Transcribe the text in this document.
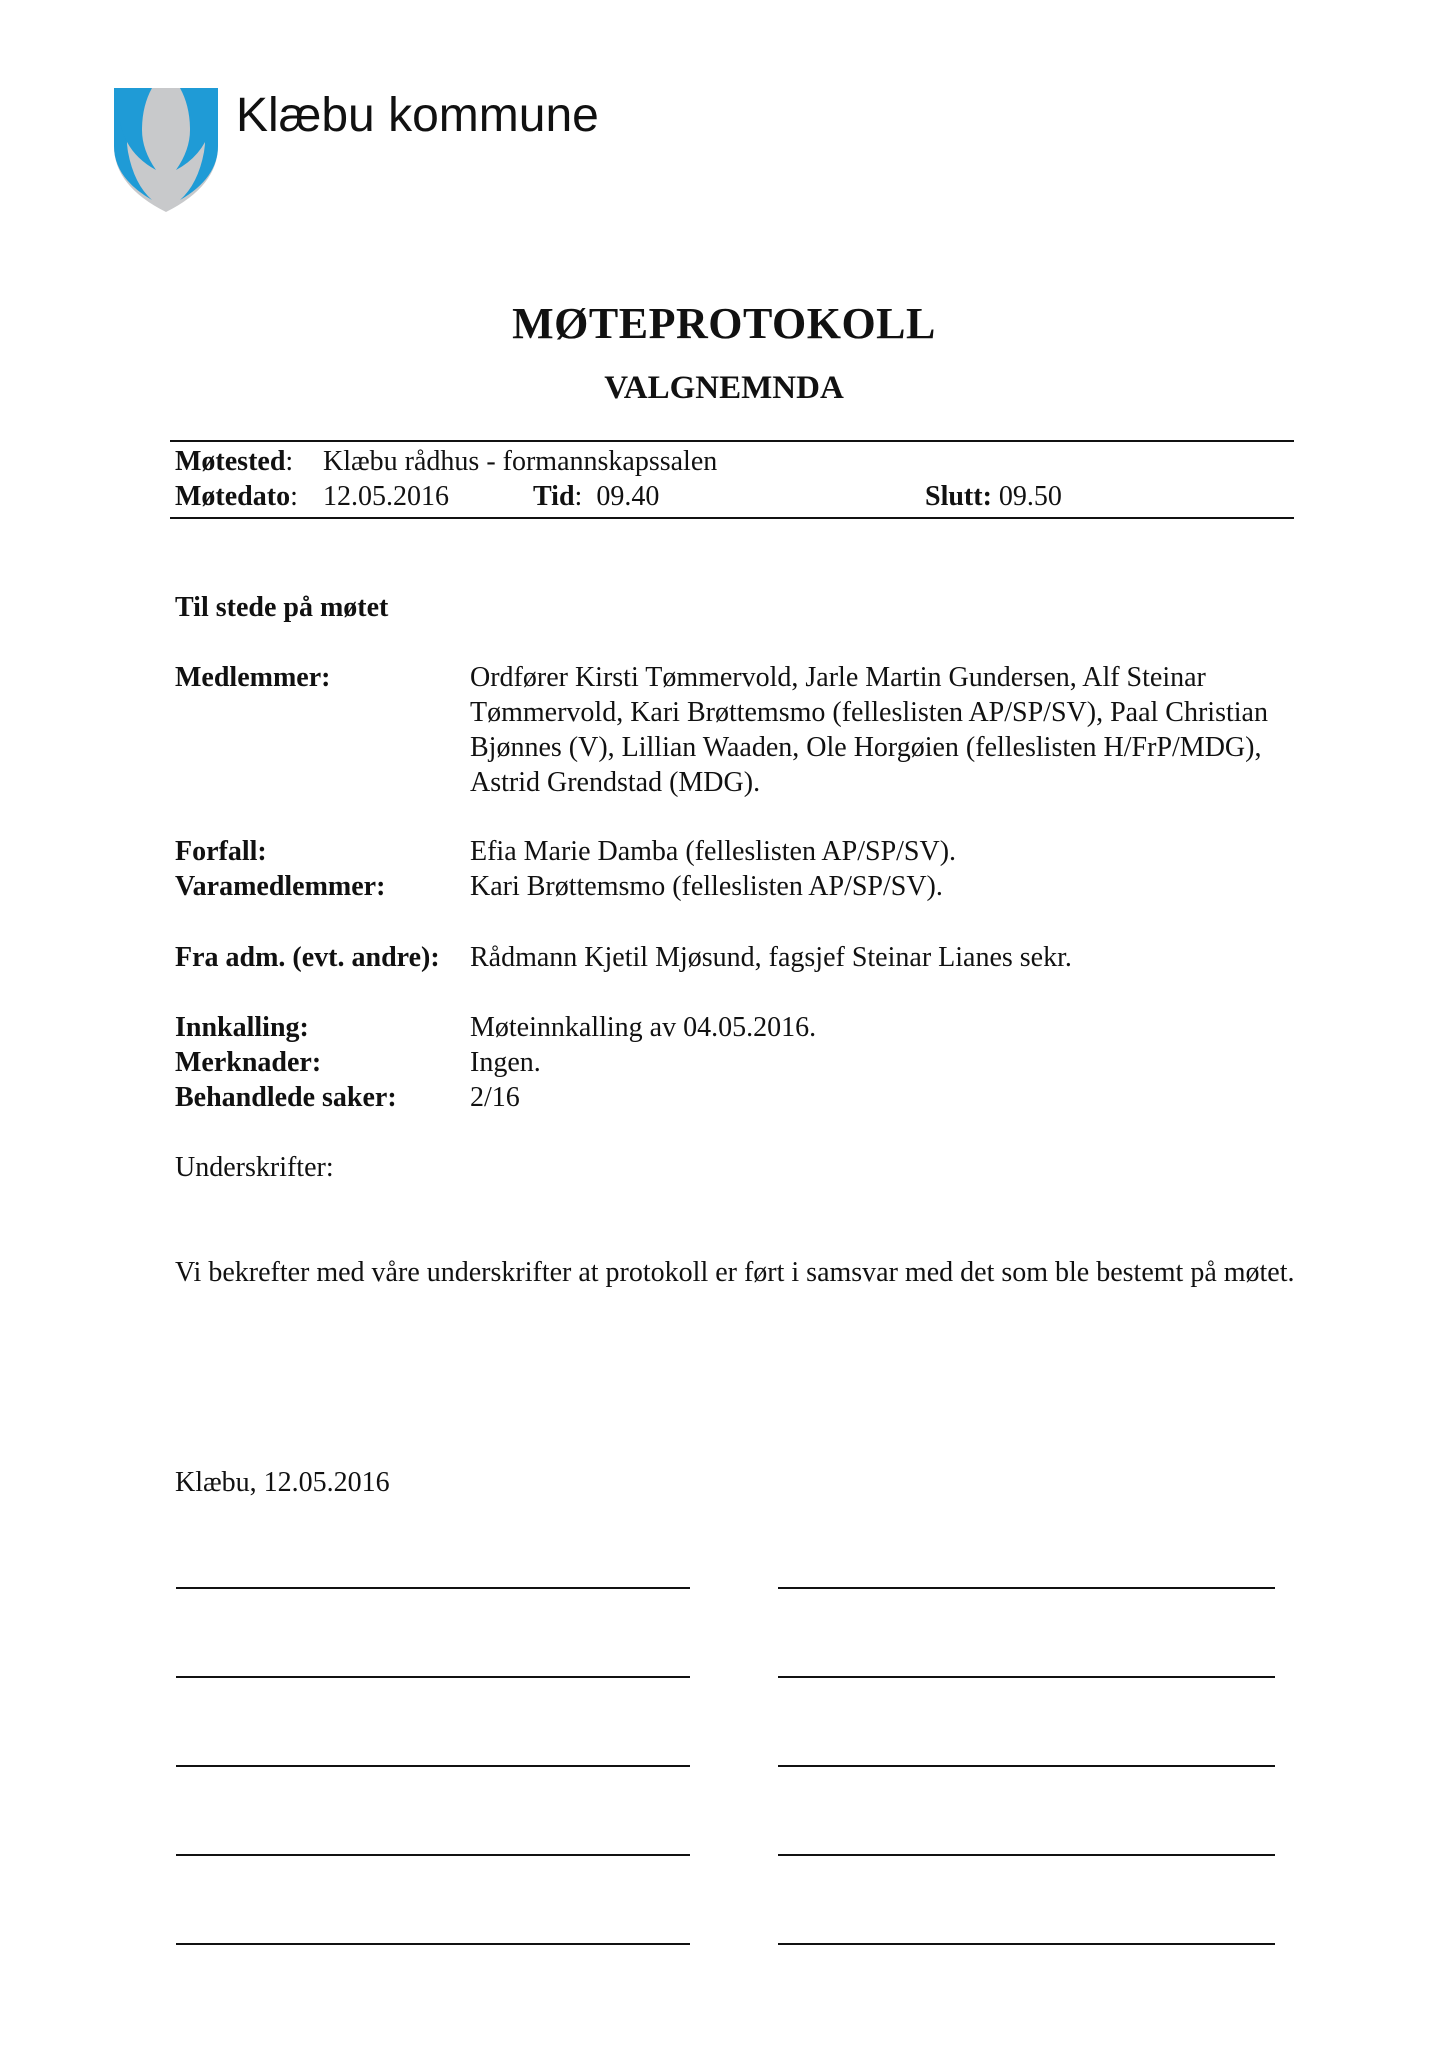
Klæbu kommune
MØTEPROTOKOLL
VALGNEMNDA
Møtested: Klæbu rådhus - formannskapssalen
Møtedato: 12.05.2016	Tid:  09.40	Slutt: 09.50
Til stede på møtet
Medlemmer:	Ordfører Kirsti Tømmervold, Jarle Martin Gundersen, Alf Steinar Tømmervold, Kari Brøttemsmo (felleslisten AP/SP/SV), Paal Christian Bjønnes (V), Lillian Waaden, Ole Horgøien (felleslisten H/FrP/MDG), Astrid Grendstad (MDG).
Forfall:	Efia Marie Damba (felleslisten AP/SP/SV).
Varamedlemmer:	Kari Brøttemsmo (felleslisten AP/SP/SV).
Fra adm. (evt. andre): Rådmann Kjetil Mjøsund, fagsjef Steinar Lianes sekr.
Innkalling:	Møteinnkalling av 04.05.2016.
Merknader:	Ingen.
Behandlede saker:	2/16
Underskrifter:
Vi bekrefter med våre underskrifter at protokoll er ført i samsvar med det som ble bestemt på møtet.
Klæbu, 12.05.2016
